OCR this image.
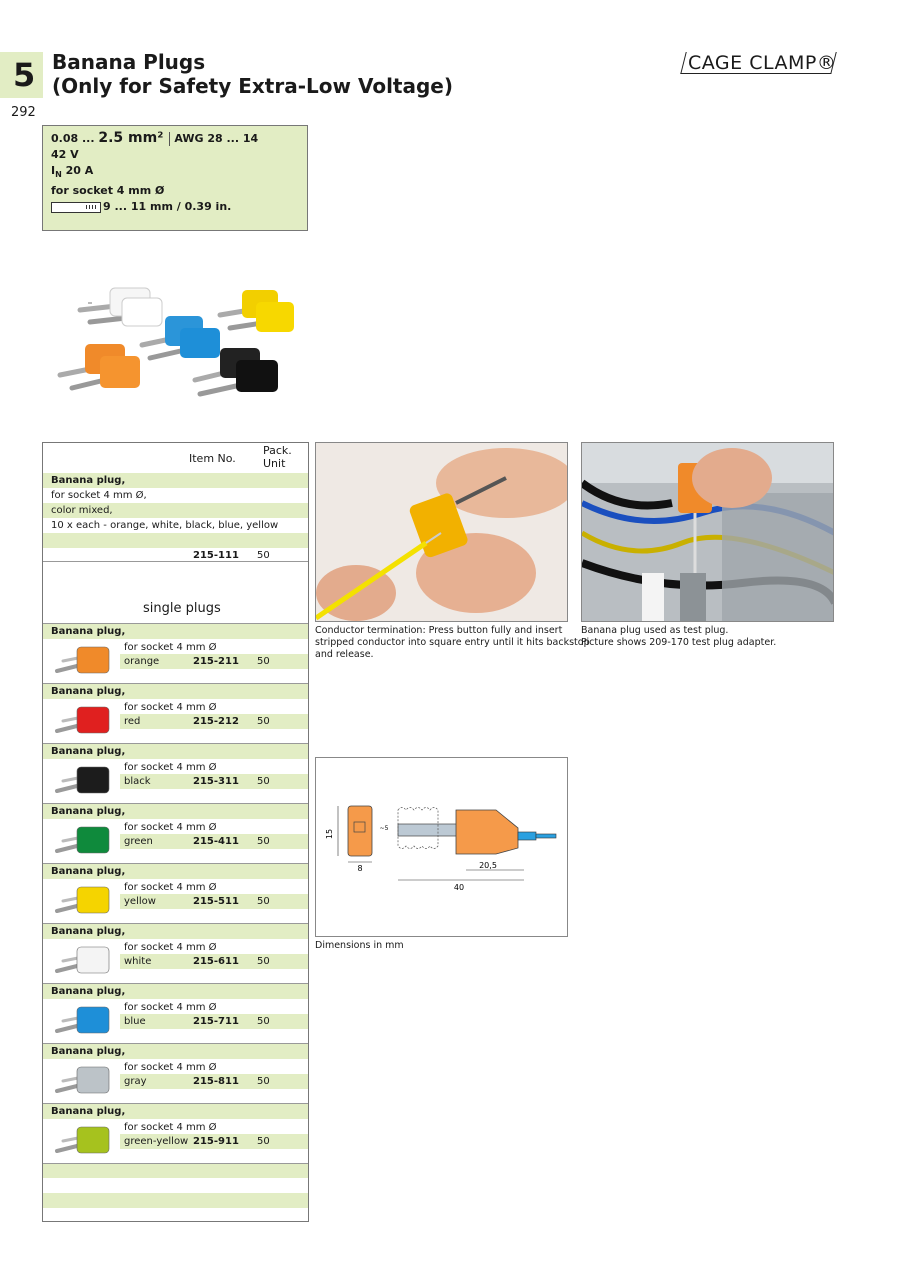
5
292
Banana Plugs
(Only for Safety Extra-Low Voltage)
CAGE CLAMP®
0.08 ... 2.5 mm² AWG 28 ... 14
42 V
$I_N$ 20 A
for socket 4 mm Ø
9 ... 11 mm / 0.39 in.
Item No.
Pack.
Unit
Banana plug,
for socket 4 mm Ø,
color mixed,
10 x each - orange, white, black, blue, yellow
215-111 50
single plugs
Banana plug,
for socket 4 mm Ø
orange	215-211 50
Banana plug,
for socket 4 mm Ø
red	215-212 50
Banana plug,
for socket 4 mm Ø
black	215-311 50
Banana plug,
for socket 4 mm Ø
green	215-411 50
Banana plug,
for socket 4 mm Ø
yellow	215-511 50
Banana plug,
for socket 4 mm Ø
white	215-611 50
Banana plug,
for socket 4 mm Ø
blue	215-711 50
Banana plug,
for socket 4 mm Ø
gray	215-811 50
Banana plug,
for socket 4 mm Ø
green-yellow 215-911 50
Conductor termination: Press button fully and insert
stripped conductor into square entry until it hits backstop
and release.
Banana plug used as test plug.
Picture shows 209-170 test plug adapter.
15
8
~5
20,5
40
Dimensions in mm
